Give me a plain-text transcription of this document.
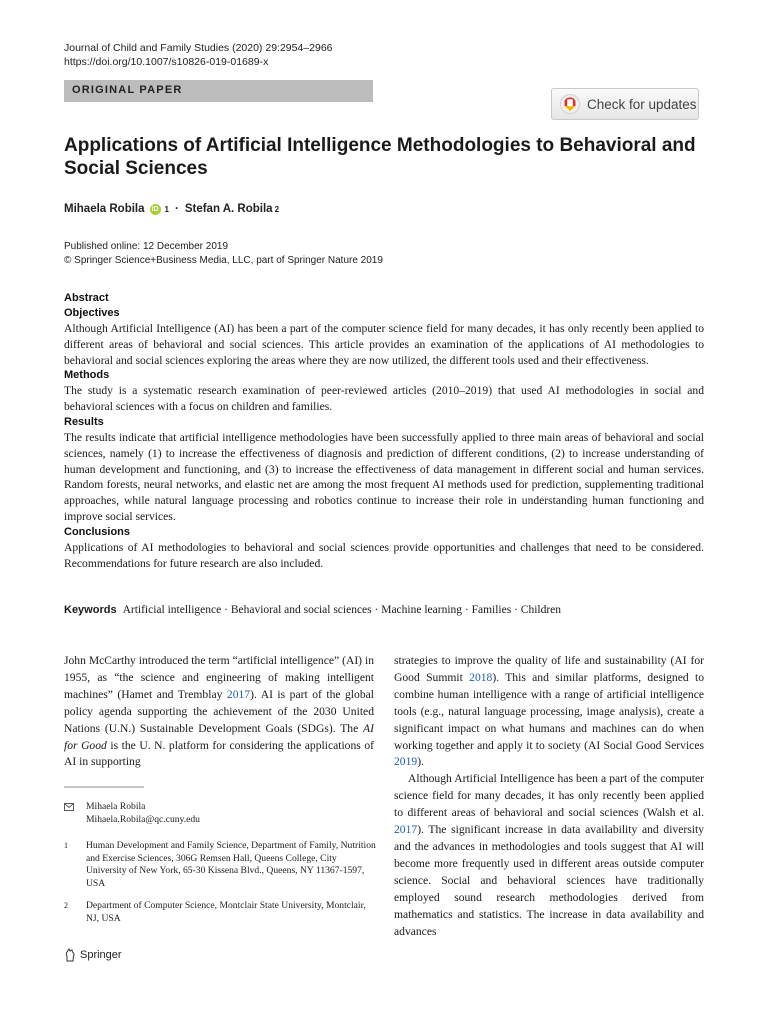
Journal of Child and Family Studies (2020) 29:2954–2966
https://doi.org/10.1007/s10826-019-01689-x
ORIGINAL PAPER
Check for updates
Applications of Artificial Intelligence Methodologies to Behavioral and Social Sciences
Mihaela Robila iD 1 · Stefan A. Robila 2
Published online: 12 December 2019
© Springer Science+Business Media, LLC, part of Springer Nature 2019
Abstract
Objectives

Although Artificial Intelligence (AI) has been a part of the computer science field for many decades, it has only recently been applied to different areas of behavioral and social sciences. This article provides an examination of the applications of AI methodologies to behavioral and social sciences exploring the areas where they are now utilized, the different tools used and their effectiveness.

Methods

The study is a systematic research examination of peer-reviewed articles (2010–2019) that used AI methodologies in social and behavioral sciences with a focus on children and families.

Results

The results indicate that artificial intelligence methodologies have been successfully applied to three main areas of behavioral and social sciences, namely (1) to increase the effectiveness of diagnosis and prediction of different conditions, (2) to increase understanding of human development and functioning, and (3) to increase the effectiveness of data management in different social and human services. Random forests, neural networks, and elastic net are among the most frequent AI methods used for prediction, supplementing traditional approaches, while natural language processing and robotics continue to increase their role in understanding human functioning and improve social services.

Conclusions

Applications of AI methodologies to behavioral and social sciences provide opportunities and challenges that need to be considered. Recommendations for future research are also included.

Keywords Artificial intelligence · Behavioral and social sciences · Machine learning · Families · Children

John McCarthy introduced the term “artificial intelligence” (AI) in 1955, as “the science and engineering of making intelligent machines” (Hamet and Tremblay 2017). AI is part of the global policy agenda supporting the achievement of the 2030 United Nations (U.N.) Sustainable Development Goals (SDGs). The AI for Good is the U. N. platform for considering the applications of AI in supporting

Mihaela Robila
Mihaela.Robila@qc.cuny.edu
1 Human Development and Family Science, Department of Family, Nutrition and Exercise Sciences, 306G Remsen Hall, Queens College, City University of New York, 65-30 Kissena Blvd., Queens, NY 11367-1597, USA
2 Department of Computer Science, Montclair State University, Montclair, NJ, USA

strategies to improve the quality of life and sustainability (AI for Good Summit 2018). This and similar platforms, designed to combine human intelligence with a range of artificial intelligence tools (e.g., natural language processing, image analysis), create a significant impact on what humans and machines can do when working together and apply it to society (AI Social Good Services 2019).

Although Artificial Intelligence has been a part of the computer science field for many decades, it has only recently been applied to different areas of behavioral and social sciences (Walsh et al. 2017). The significant increase in data availability and diversity and the advances in methodologies and tools suggest that AI will become more frequently used in different areas outside computer science. Social and behavioral sciences have traditionally employed sound research methodologies derived from mathematics and statistics. The increase in data availability and advances

Springer
